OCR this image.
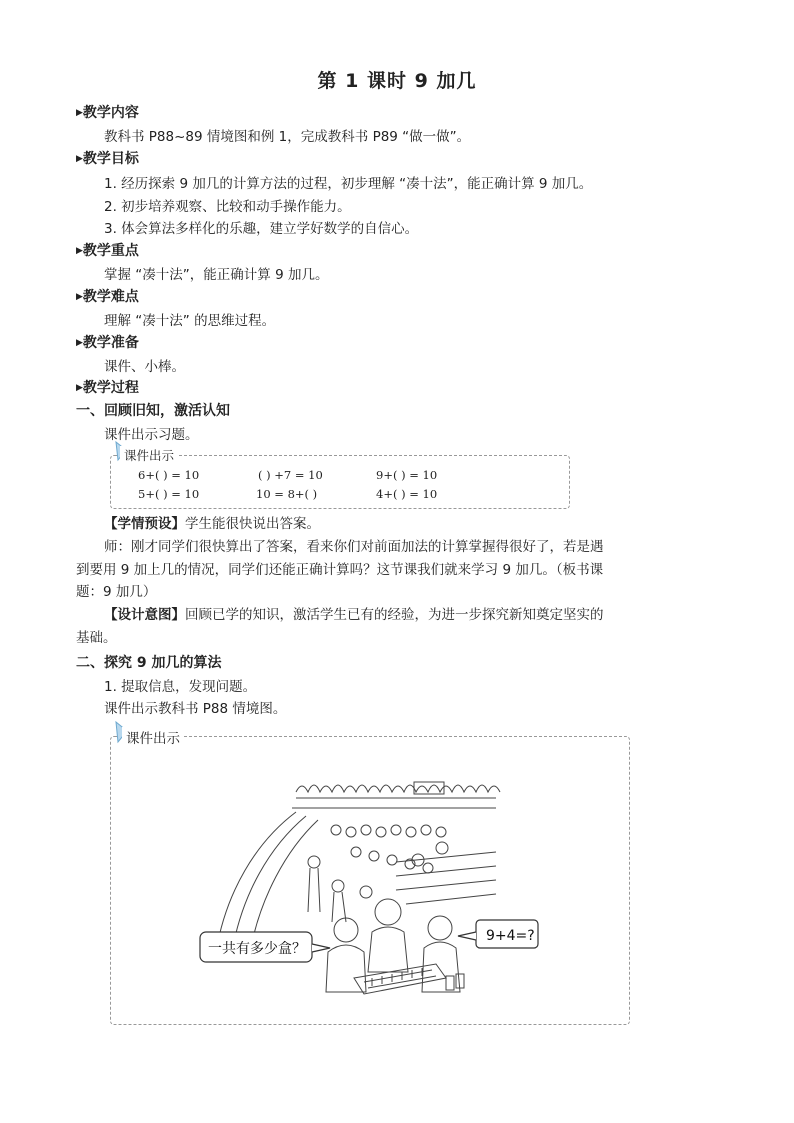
第 1 课时 9 加几
▶教学内容
教科书 P88~89 情境图和例 1，完成教科书 P89 “做一做”。
▶教学目标
1. 经历探索 9 加几的计算方法的过程，初步理解 “凑十法”，能正确计算 9 加几。
2. 初步培养观察、比较和动手操作能力。
3. 体会算法多样化的乐趣，建立学好数学的自信心。
▶教学重点
掌握 “凑十法”，能正确计算 9 加几。
▶教学难点
理解 “凑十法” 的思维过程。
▶教学准备
课件、小棒。
▶教学过程
一、回顾旧知，激活认知
课件出示习题。
课件出示
6+( ) = 10	( ) +7 = 10	9+( ) = 10
5+( ) = 10	10 = 8+( )	4+( ) = 10
【学情预设】学生能很快说出答案。
师：刚才同学们很快算出了答案，看来你们对前面加法的计算掌握得很好了，若是遇到要用 9 加上几的情况，同学们还能正确计算吗？这节课我们就来学习 9 加几。（板书课题：9 加几）
【设计意图】回顾已学的知识，激活学生已有的经验，为进一步探究新知奠定坚实的基础。
二、探究 9 加几的算法
1. 提取信息，发现问题。
课件出示教科书 P88 情境图。
课件出示
一共有多少盒？
9+4=?
